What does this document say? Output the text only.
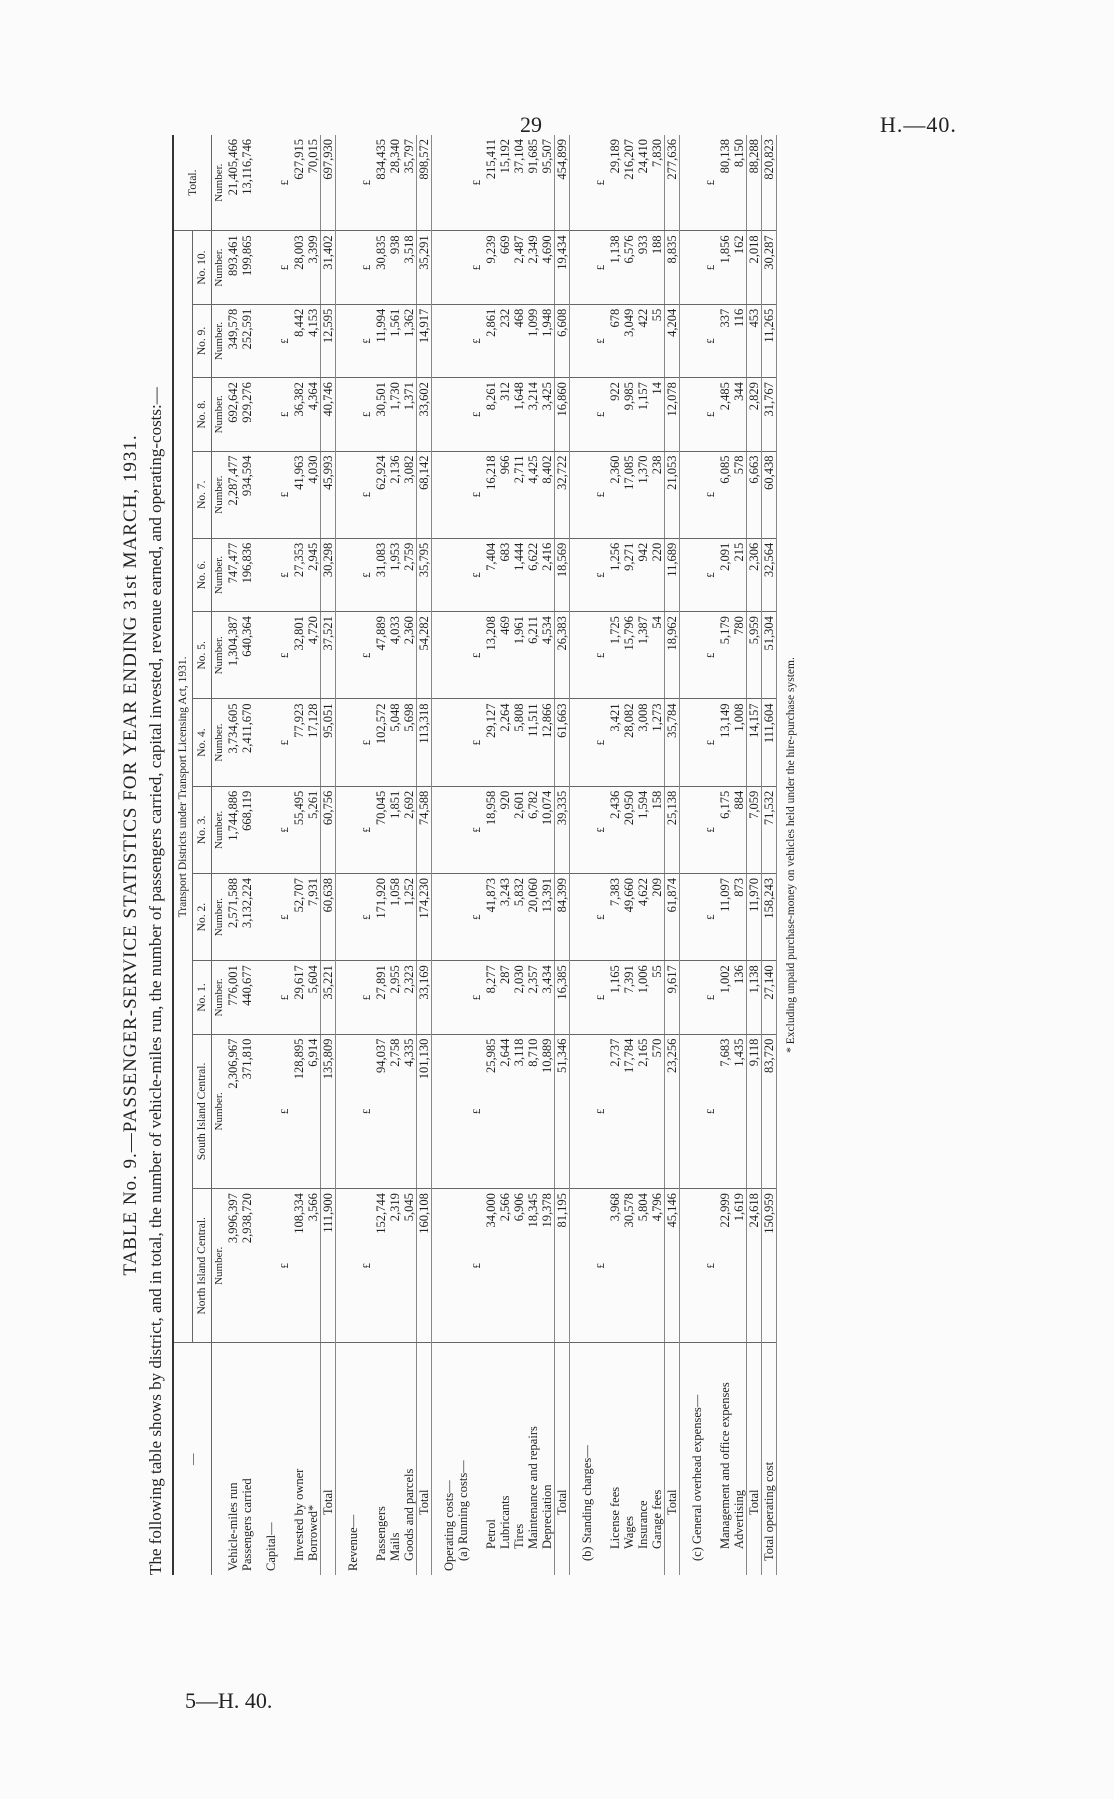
29	H.—40.
5—H. 40.

TABLE No. 9.—PASSENGER-SERVICE STATISTICS FOR YEAR ENDING 31st MARCH, 1931. The following table shows by district, and in total, the number of vehicle-miles run, the number of passengers carried, capital invested, revenue earned, and operating-costs:— —	Transport Districts under Transport Licensing Act, 1931.												Total.
	North Island Central.	South Island Central.	No. 1.	No. 2.	No. 3.	No. 4.	No. 5.	No. 6.	No. 7.	No. 8.	No. 9.	No. 10.	
	Number.	Number.	Number.	Number.	Number.	Number.	Number.	Number.	Number.	Number.	Number.	Number.	Number.
Vehicle-miles run	3,996,397	2,306,967	776,001	2,571,588	1,744,886	3,734,605	1,304,387	747,477	2,287,477	692,642	349,578	893,461	21,405,466
Passengers carried	2,938,720	371,810	440,677	3,132,224	668,119	2,411,670	640,364	196,836	934,594	929,276	252,591	199,865	13,116,746

Capital—													
	£	£	£	£	£	£	£	£	£	£	£	£	£
Invested by owner	108,334	128,895	29,617	52,707	55,495	77,923	32,801	27,353	41,963	36,382	8,442	28,003	627,915
Borrowed*	3,566	6,914	5,604	7,931	5,261	17,128	4,720	2,945	4,030	4,364	4,153	3,399	70,015
Total	111,900	135,809	35,221	60,638	60,756	95,051	37,521	30,298	45,993	40,746	12,595	31,402	697,930

Revenue—													
	£	£	£	£	£	£	£	£	£	£	£	£	£
Passengers	152,744	94,037	27,891	171,920	70,045	102,572	47,889	31,083	62,924	30,501	11,994	30,835	834,435
Mails	2,319	2,758	2,955	1,058	1,851	5,048	4,033	1,953	2,136	1,730	1,561	938	28,340
Goods and parcels	5,045	4,335	2,323	1,252	2,692	5,698	2,360	2,759	3,082	1,371	1,362	3,518	35,797
Total	160,108	101,130	33,169	174,230	74,588	113,318	54,282	35,795	68,142	33,602	14,917	35,291	898,572

Operating costs—													
(a) Running costs—													
	£	£	£	£	£	£	£	£	£	£	£	£	£
Petrol	34,000	25,985	8,277	41,873	18,958	29,127	13,208	7,404	16,218	8,261	2,861	9,239	215,411
Lubricants	2,566	2,644	287	3,243	920	2,264	469	683	966	312	232	669	15,192
Tires	6,906	3,118	2,030	5,832	2,601	5,808	1,961	1,444	2,711	1,648	468	2,487	37,104
Maintenance and repairs	18,345	8,710	2,357	20,060	6,782	11,511	6,211	6,622	4,425	3,214	1,099	2,349	91,685
Depreciation	19,378	10,889	3,434	13,391	10,074	12,866	4,534	2,416	8,402	3,425	1,948	4,690	95,507
Total	81,195	51,346	16,385	84,399	39,335	61,663	26,383	18,569	32,722	16,860	6,608	19,434	454,899

(b) Standing charges—													
	£	£	£	£	£	£	£	£	£	£	£	£	£
License fees	3,968	2,737	1,165	7,383	2,436	3,421	1,725	1,256	2,360	922	678	1,138	29,189
Wages	30,578	17,784	7,391	49,660	20,950	28,082	15,796	9,271	17,085	9,985	3,049	6,576	216,207
Insurance	5,804	2,165	1,006	4,622	1,594	3,008	1,387	942	1,370	1,157	422	933	24,410
Garage fees	4,796	570	55	209	158	1,273	54	220	238	14	55	188	7,830
Total	45,146	23,256	9,617	61,874	25,138	35,784	18,962	11,689	21,053	12,078	4,204	8,835	277,636

(c) General overhead expenses—													
	£	£	£	£	£	£	£	£	£	£	£	£	£
Management and office expenses	22,999	7,683	1,002	11,097	6,175	13,149	5,179	2,091	6,085	2,485	337	1,856	80,138
Advertising	1,619	1,435	136	873	884	1,008	780	215	578	344	116	162	8,150
Total	24,618	9,118	1,138	11,970	7,059	14,157	5,959	2,306	6,663	2,829	453	2,018	88,288
Total operating cost	150,959	83,720	27,140	158,243	71,532	111,604	51,304	32,564	60,438	31,767	11,265	30,287	820,823
* Excluding unpaid purchase-money on vehicles held under the hire-purchase system.
